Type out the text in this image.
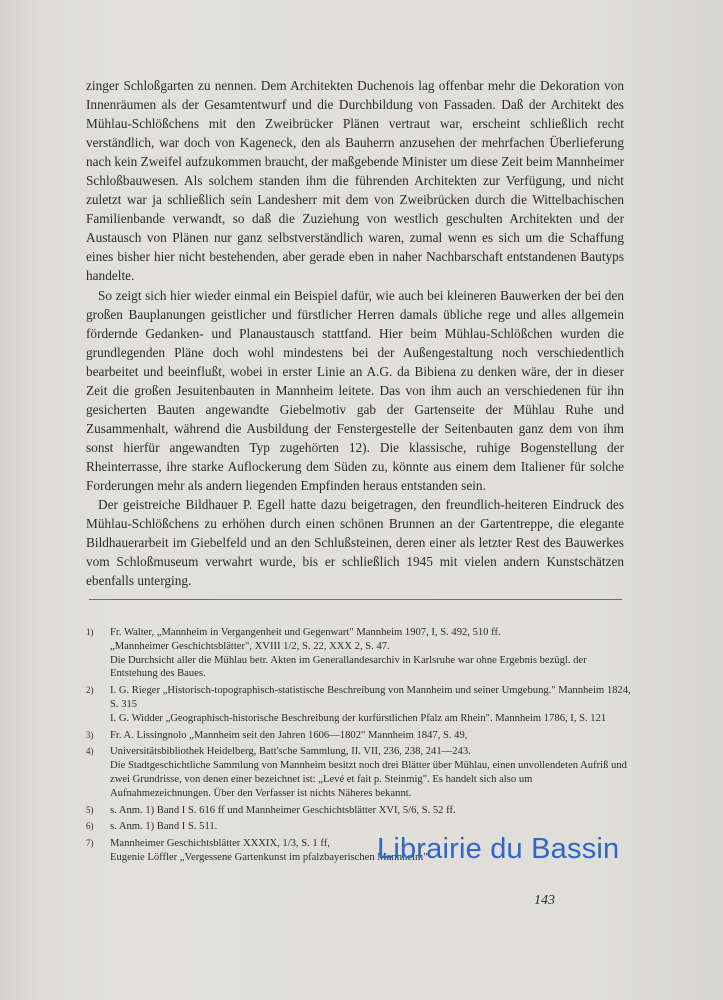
zinger Schloßgarten zu nennen. Dem Architekten Duchenois lag offenbar mehr die Dekoration von Innenräumen als der Gesamtentwurf und die Durchbildung von Fassaden. Daß der Architekt des Mühlau-Schlößchens mit den Zweibrücker Plänen vertraut war, erscheint schließlich recht verständlich, war doch von Kageneck, den als Bauherrn anzusehen der mehrfachen Überlieferung nach kein Zweifel aufzukommen braucht, der maßgebende Minister um diese Zeit beim Mannheimer Schloßbauwesen. Als solchem standen ihm die führenden Architekten zur Verfügung, und nicht zuletzt war ja schließlich sein Landesherr mit dem von Zweibrücken durch die Wittelbachischen Familienbande verwandt, so daß die Zuziehung von westlich geschulten Architekten und der Austausch von Plänen nur ganz selbstverständlich waren, zumal wenn es sich um die Schaffung eines bisher hier nicht bestehenden, aber gerade eben in naher Nachbarschaft entstandenen Bautyps handelte.

So zeigt sich hier wieder einmal ein Beispiel dafür, wie auch bei kleineren Bauwerken der bei den großen Bauplanungen geistlicher und fürstlicher Herren damals übliche rege und alles allgemein fördernde Gedanken- und Planaustausch stattfand. Hier beim Mühlau-Schlößchen wurden die grundlegenden Pläne doch wohl mindestens bei der Außengestaltung noch verschiedentlich bearbeitet und beeinflußt, wobei in erster Linie an A.G. da Bibiena zu denken wäre, der in dieser Zeit die großen Jesuitenbauten in Mannheim leitete. Das von ihm auch an verschiedenen für ihn gesicherten Bauten angewandte Giebelmotiv gab der Gartenseite der Mühlau Ruhe und Zusammenhalt, während die Ausbildung der Fenstergestelle der Seitenbauten ganz dem von ihm sonst hierfür angewandten Typ zugehörten 12). Die klassische, ruhige Bogenstellung der Rheinterrasse, ihre starke Auflockerung dem Süden zu, könnte aus einem dem Italiener für solche Forderungen mehr als andern liegenden Empfinden heraus entstanden sein.

Der geistreiche Bildhauer P. Egell hatte dazu beigetragen, den freundlich-heiteren Eindruck des Mühlau-Schlößchens zu erhöhen durch einen schönen Brunnen an der Gartentreppe, die elegante Bildhauerarbeit im Giebelfeld und an den Schlußsteinen, deren einer als letzter Rest des Bauwerkes vom Schloßmuseum verwahrt wurde, bis er schließlich 1945 mit vielen andern Kunstschätzen ebenfalls unterging.

1)	Fr. Walter, „Mannheim in Vergangenheit und Gegenwart" Mannheim 1907, I, S. 492, 510 ff.
„Mannheimer Geschichtsblätter", XVIII 1/2, S. 22, XXX 2, S. 47.
Die Durchsicht aller die Mühlau betr. Akten im Generallandesarchiv in Karlsruhe war ohne Ergebnis bezügl. der Entstehung des Baues.
2)	I. G. Rieger „Historisch-topographisch-statistische Beschreibung von Mannheim und seiner Umgebung." Mannheim 1824, S. 315
I. G. Widder „Geographisch-historische Beschreibung der kurfürstlichen Pfalz am Rhein". Mannheim 1786, I, S. 121
3)	Fr. A. Lissingnolo „Mannheim seit den Jahren 1606—1802" Mannheim 1847, S. 49,
4)	Universitätsbibliothek Heidelberg, Batt'sche Sammlung, II. VII, 236, 238, 241—243.
Die Stadtgeschichtliche Sammlung von Mannheim besitzt noch drei Blätter über Mühlau, einen unvollendeten Aufriß und zwei Grundrisse, von denen einer bezeichnet ist: „Levé et fait p. Steinmig". Es handelt sich also um Aufnahmezeichnungen. Über den Verfasser ist nichts Näheres bekannt.
5)	s. Anm. 1) Band I S. 616 ff und Mannheimer Geschichtsblätter XVI, 5/6, S. 52 ff.
6)	s. Anm. 1) Band I S. 511.
7)	Mannheimer Geschichtsblätter XXXIX, 1/3, S. 1 ff,
Eugenie Löffler „Vergessene Gartenkunst im pfalzbayerischen Mannheim"
Librairie du Bassin
143
